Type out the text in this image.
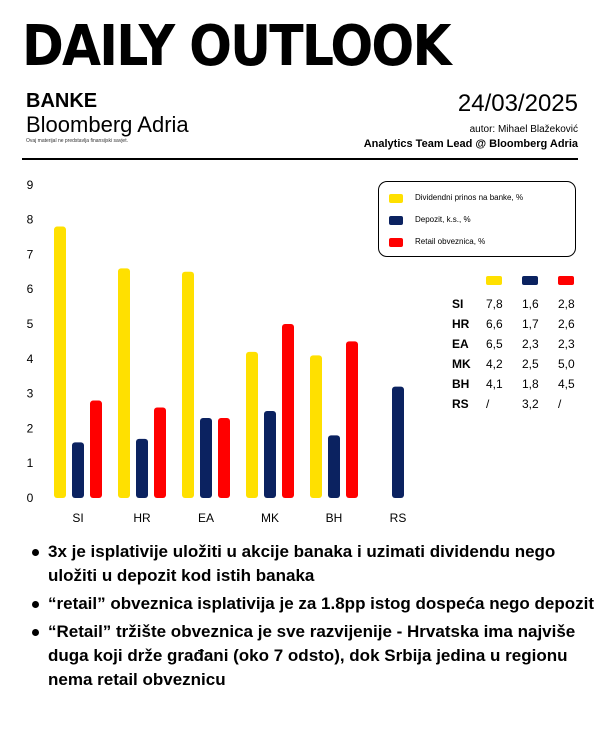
DAILY OUTLOOK
BANKE
Bloomberg Adria
Ovaj materijal ne predstavlja finansijski savjet.
24/03/2025
autor: Mihael Blažeković
Analytics Team Lead @ Bloomberg Adria
0
1
2
3
4
5
6
7
8
9
SI	HR	EA	MK	BH	RS
Dividendni prinos na banke, %
Depozit, k.s., %
Retail obveznica, %
SI 7,8 1,6 2,8
HR 6,6 1,7 2,6
EA 6,5 2,3 2,3
MK 4,2 2,5 5,0
BH 4,1 1,8 4,5
RS /	3,2 /
3x je isplativije uložiti u akcije banaka i uzimati dividendu nego uložiti u depozit kod istih banaka
“retail” obveznica isplativija je za 1.8pp istog dospeća nego depozit
“Retail” tržište obveznica je sve razvijenije - Hrvatska ima najviše duga koji drže građani (oko 7 odsto), dok Srbija jedina u regionu nema retail obveznicu
